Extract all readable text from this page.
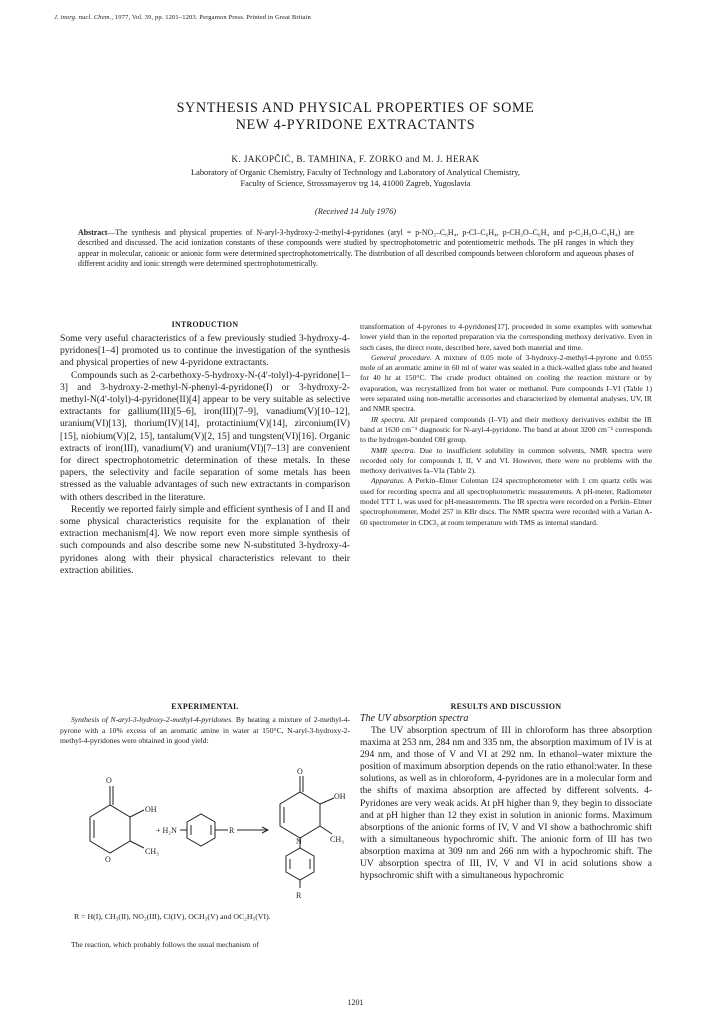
J. inorg. nucl. Chem., 1977, Vol. 39, pp. 1201–1203. Pergamon Press. Printed in Great Britain
SYNTHESIS AND PHYSICAL PROPERTIES OF SOME
NEW 4-PYRIDONE EXTRACTANTS
K. JAKOPČIĆ, B. TAMHINA, F. ZORKO and M. J. HERAK
Laboratory of Organic Chemistry, Faculty of Technology and Laboratory of Analytical Chemistry,
Faculty of Science, Strossmayerov trg 14, 41000 Zagreb, Yugoslavia
(Received 14 July 1976)
Abstract—The synthesis and physical properties of N-aryl-3-hydroxy-2-methyl-4-pyridones (aryl = p-NO₂–C₆H₄, p-Cl–C₆H₄, p-CH₃O–C₆H₄ and p-C₂H₅O–C₆H₄) are described and discussed. The acid ionization constants of these compounds were studied by spectrophotometric and potentiometric methods. The pH ranges in which they appear in molecular, cationic or anionic form were determined spectrophotometrically. The distribution of all described compounds between chloroform and aqueous phases of different acidity and ionic strength were determined spectrophotometrically.
INTRODUCTION

Some very useful characteristics of a few previously studied 3-hydroxy-4-pyridones[1–4] promoted us to continue the investigation of the synthesis and physical properties of new 4-pyridone extractants.

Compounds such as 2-carbethoxy-5-hydroxy-N-(4′-tolyl)-4-pyridone[1–3] and 3-hydroxy-2-methyl-N-phenyl-4-pyridone(I) or 3-hydroxy-2-methyl-N(4′-tolyl)-4-pyridone(II)[4] appear to be very suitable as selective extractants for gallium(III)[5–6], iron(III)[7–9], vanadium(V)[10–12], uranium(VI)[13], thorium(IV)[14], protactinium(V)[14], zirconium(IV)[15], niobium(V)[2, 15], tantalum(V)[2, 15] and tungsten(VI)[16]. Organic extracts of iron(III), vanadium(V) and uranium(VI)[7–13] are convenient for direct spectrophotometric determination of these metals. In these papers, the selectivity and facile separation of some metals has been stressed as the valuable advantages of such new extractants in comparison with others described in the literature.

Recently we reported fairly simple and efficient synthesis of I and II and some physical characteristics requisite for the explanation of their extraction mechanism[4]. We now report even more simple synthesis of such compounds and also describe some new N-substituted 3-hydroxy-4-pyridones along with their physical characteristics relevant to their extraction abilities.

transformation of 4-pyrones to 4-pyridones[17], proceeded in some examples with somewhat lower yield than in the reported preparation via the corresponding methoxy derivative. Even in such cases, the direct route, described here, saved both material and time.

General procedure. A mixture of 0.05 mole of 3-hydroxy-2-methyl-4-pyrone and 0.055 mole of an aromatic amine in 60 ml of water was sealed in a thick-walled glass tube and heated for 40 hr at 150°C. The crude product obtained on cooling the reaction mixture or by evaporation, was recrystallized from hot water or methanol. Pure compounds I–VI (Table 1) were separated using non-metallic accessories and characterized by elemental analyses, UV, IR and NMR spectra.

IR spectra. All prepared compounds (I–VI) and their methoxy derivatives exhibit the IR band at 1630 cm⁻¹ diagnostic for N-aryl-4-pyridone. The band at about 3200 cm⁻¹ corresponds to the hydrogen-bonded OH group.

NMR spectra. Due to insufficient solubility in common solvents, NMR spectra were recorded only for compounds I, II, V and VI. However, there were no problems with the methoxy derivatives Ia–VIa (Table 2).

Apparatus. A Perkin–Elmer Coleman 124 spectrophotometer with 1 cm quartz cells was used for recording spectra and all spectrophotometric measurements. A pH-meter, Radiometer model TTT 1, was used for pH-measurements. The IR spectra were recorded on a Perkin–Elmer spectrophotometer, Model 257 in KBr discs. The NMR spectra were recorded with a Varian A-60 spectrometer in CDCl₃ at room temperature with TMS as internal standard.

EXPERIMENTAL

Synthesis of N-aryl-3-hydroxy-2-methyl-4-pyridones. By heating a mixture of 2-methyl-4-pyrone with a 10% excess of an aromatic amine in water at 150°C, N-aryl-3-hydroxy-2-methyl-4-pyridones were obtained in good yield:

O
OH
CH₃
O
+ H₂N	R
O
OH
N	CH₃
R
R = H(I), CH₃(II), NO₂(III), Cl(IV), OCH₃(V) and OC₂H₅(VI).

The reaction, which probably follows the usual mechanism of

RESULTS AND DISCUSSION
The UV absorption spectra

The UV absorption spectrum of III in chloroform has three absorption maxima at 253 nm, 284 nm and 335 nm, the absorption maximum of IV is at 294 nm, and those of V and VI at 292 nm. In ethanol–water mixture the position of maximum absorption depends on the ratio ethanol:water. In these solutions, as well as in chloroform, 4-pyridones are in a molecular form and the shifts of maxima absorption are affected by different solvents. 4-Pyridones are very weak acids. At pH higher than 9, they begin to dissociate and at pH higher than 12 they exist in solution in anionic forms. Maximum absorptions of the anionic forms of IV, V and VI show a bathochromic shift with a simultaneous hypochromic shift. The anionic form of III has two absorption maxima at 309 nm and 266 nm with a hypochromic shift. The UV absorption spectra of III, IV, V and VI in acid solutions show a hypsochromic shift with a simultaneous hypochromic

1201
